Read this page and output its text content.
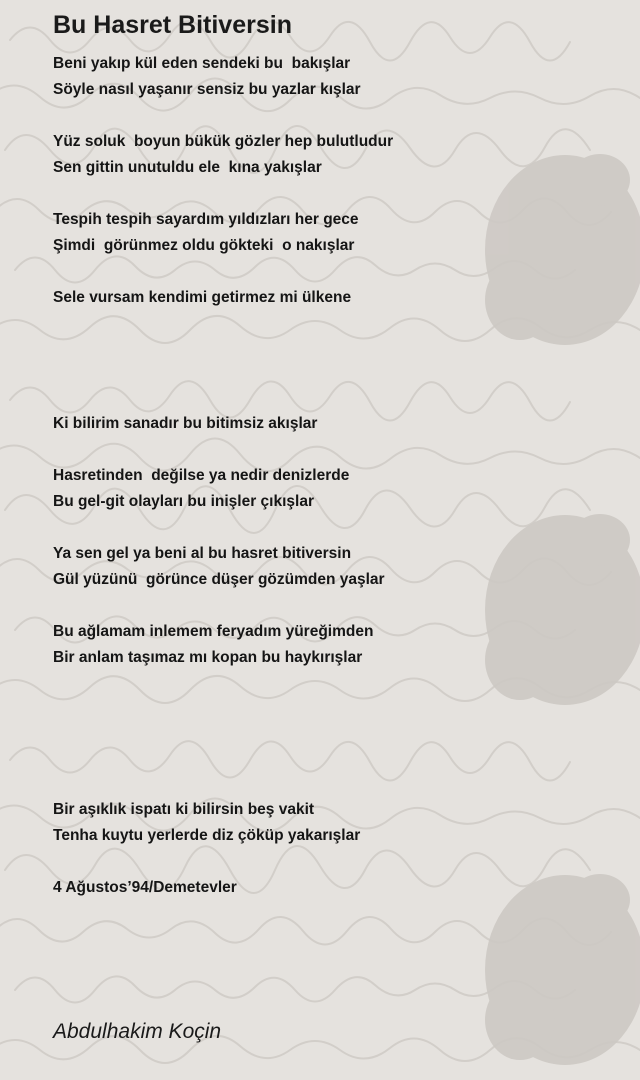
Bu Hasret Bitiversin
Beni yakıp kül eden sendeki bu  bakışlar
Söyle nasıl yaşanır sensiz bu yazlar kışlar
Yüz soluk  boyun bükük gözler hep bulutludur
Sen gittin unutuldu ele  kına yakışlar
Tespih tespih sayardım yıldızları her gece
Şimdi  görünmez oldu gökteki  o nakışlar
Sele vursam kendimi getirmez mi ülkene
Ki bilirim sanadır bu bitimsiz akışlar
Hasretinden  değilse ya nedir denizlerde
Bu gel-git olayları bu inişler çıkışlar
Ya sen gel ya beni al bu hasret bitiversin
Gül yüzünü  görünce düşer gözümden yaşlar
Bu ağlamam inlemem feryadım yüreğimden
Bir anlam taşımaz mı kopan bu haykırışlar
Bir aşıklık ispatı ki bilirsin beş vakit
Tenha kuytu yerlerde diz çöküp yakarışlar
4 Ağustos’94/Demetevler
Abdulhakim Koçin
